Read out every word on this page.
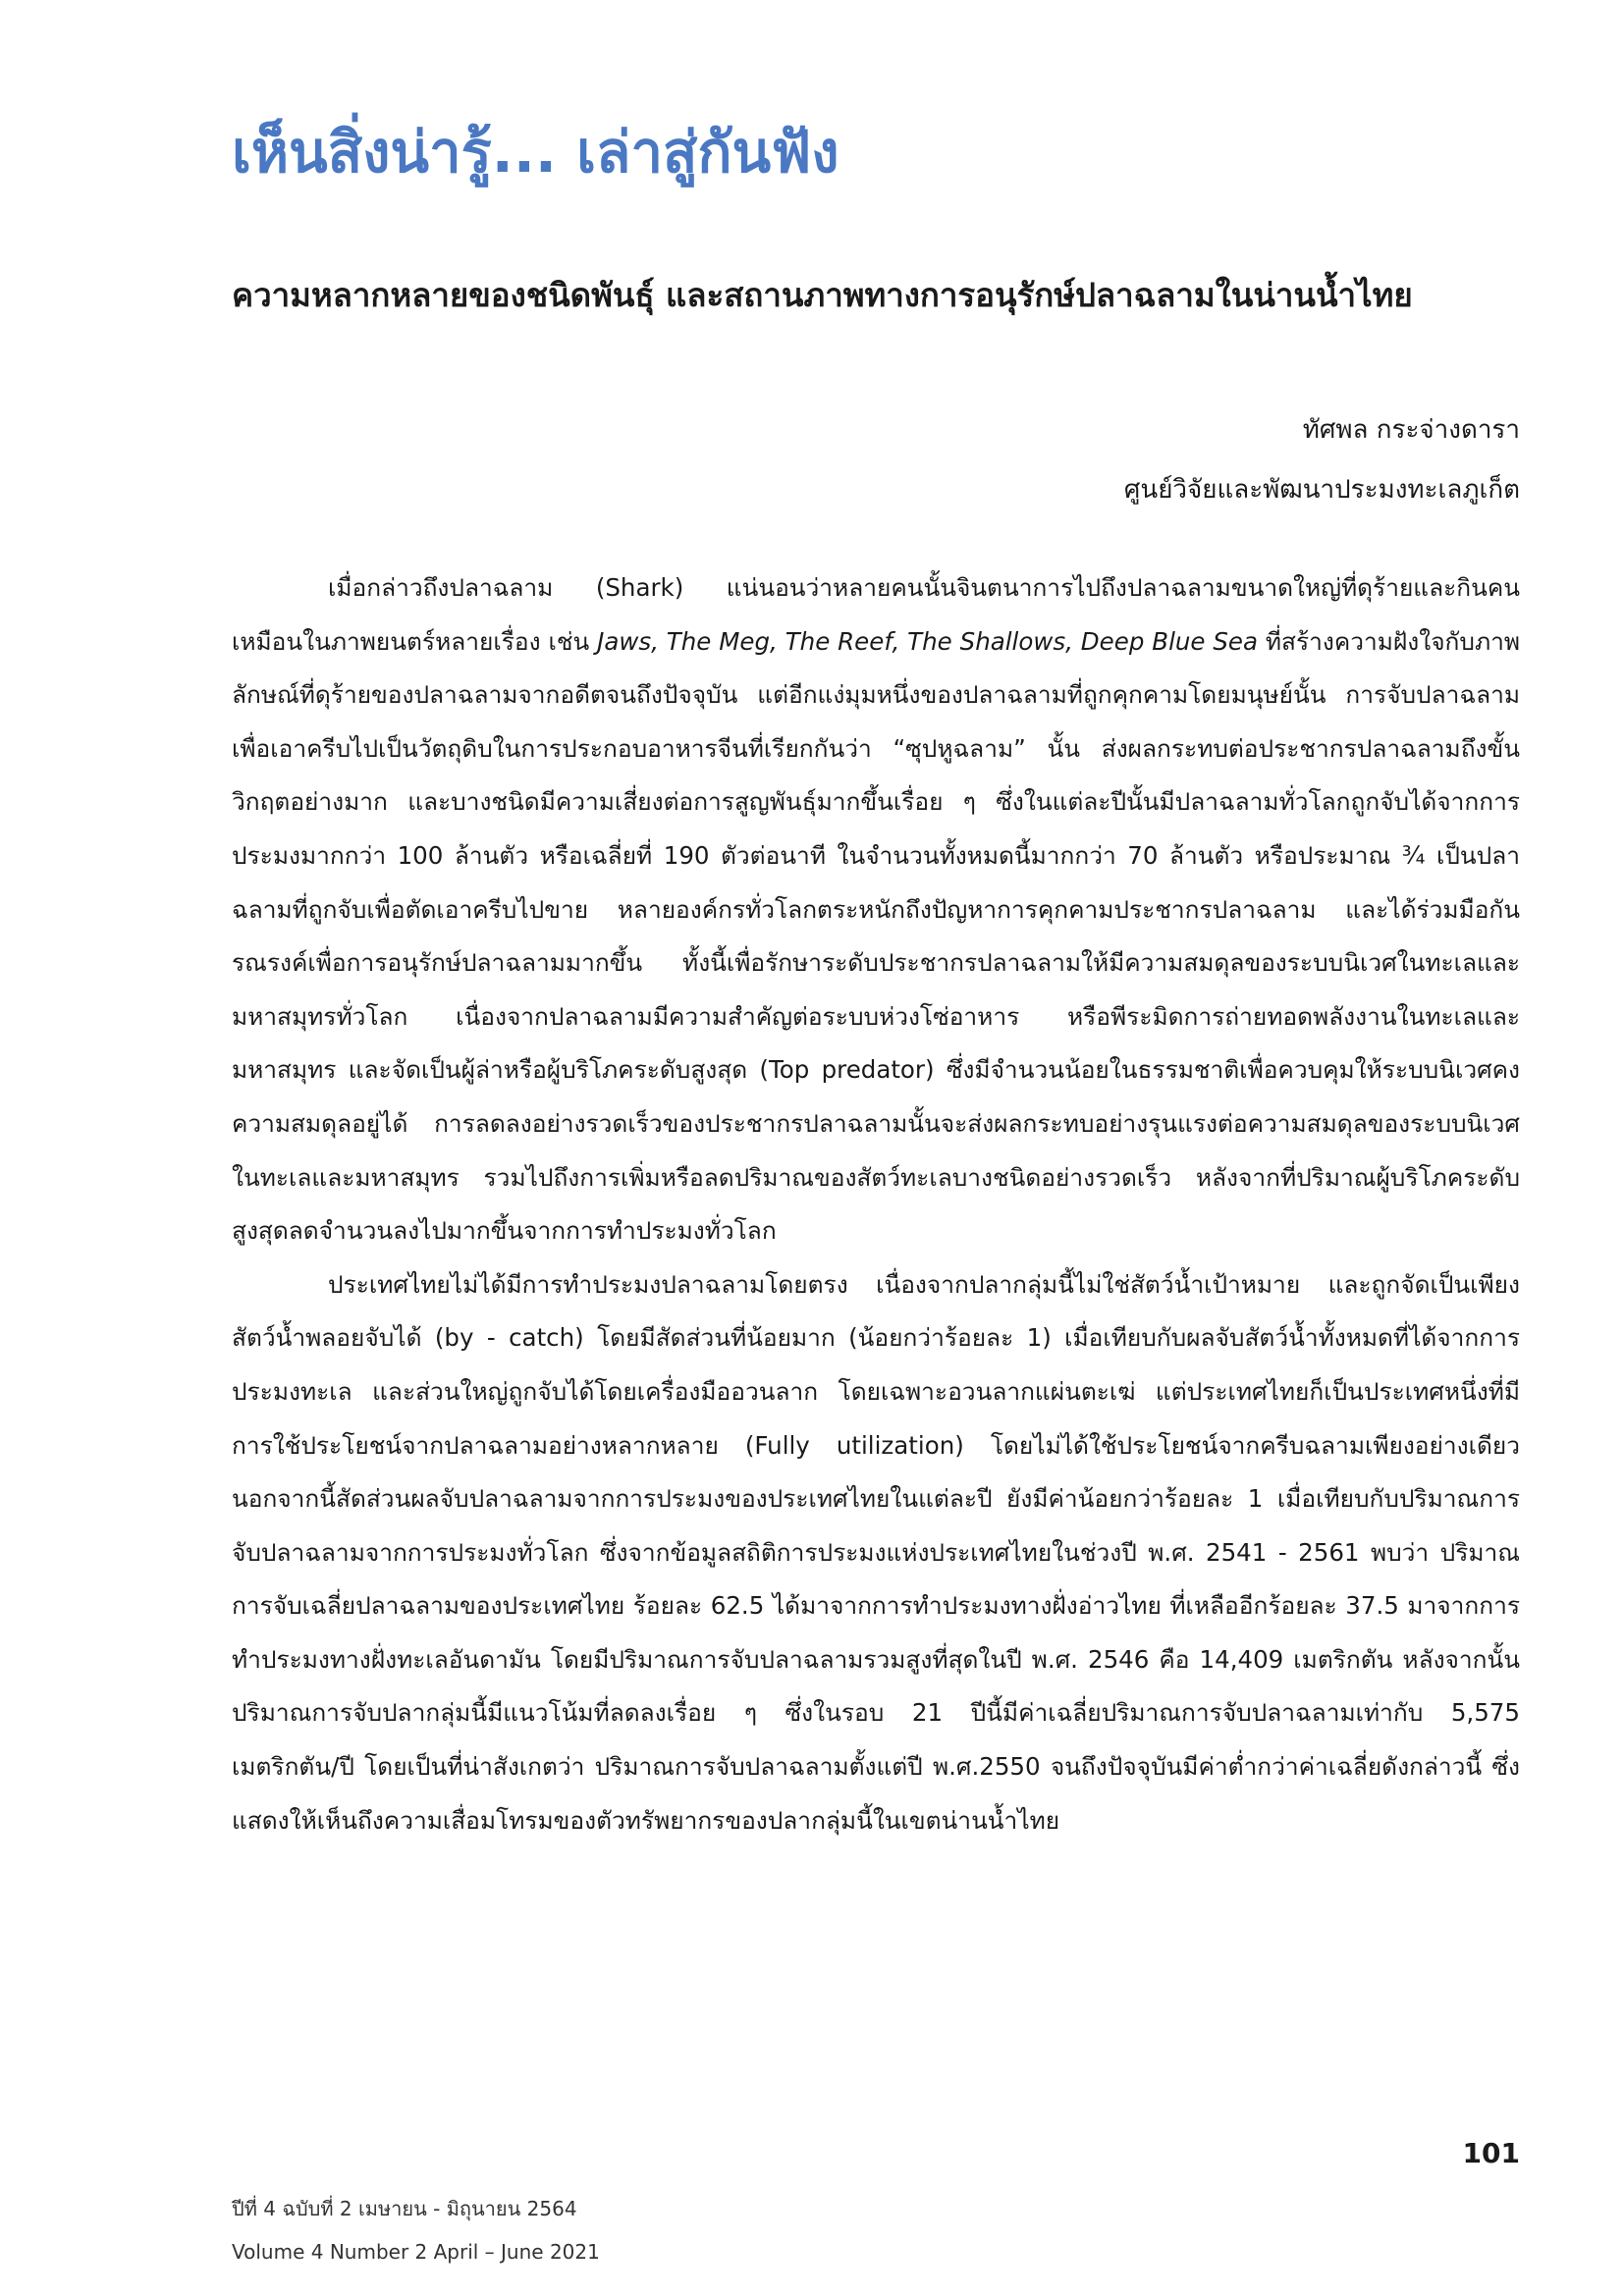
เห็นสิ่งน่ารู้... เล่าสู่กันฟัง
ความหลากหลายของชนิดพันธุ์ และสถานภาพทางการอนุรักษ์ปลาฉลามในน่านน้ำไทย
ทัศพล กระจ่างดารา
ศูนย์วิจัยและพัฒนาประมงทะเลภูเก็ต

เมื่อกล่าวถึงปลาฉลาม (Shark) แน่นอนว่าหลายคนนั้นจินตนาการไปถึงปลาฉลามขนาดใหญ่ที่ดุร้ายและกินคนเหมือนในภาพยนตร์หลายเรื่อง เช่น Jaws, The Meg, The Reef, The Shallows, Deep Blue Sea ที่สร้างความฝังใจกับภาพลักษณ์ที่ดุร้ายของปลาฉลามจากอดีตจนถึงปัจจุบัน แต่อีกแง่มุมหนึ่งของปลาฉลามที่ถูกคุกคามโดยมนุษย์นั้น การจับปลาฉลามเพื่อเอาครีบไปเป็นวัตถุดิบในการประกอบอาหารจีนที่เรียกกันว่า “ซุปหูฉลาม” นั้น ส่งผลกระทบต่อประชากรปลาฉลามถึงขั้นวิกฤตอย่างมาก และบางชนิดมีความเสี่ยงต่อการสูญพันธุ์มากขึ้นเรื่อย ๆ ซึ่งในแต่ละปีนั้นมีปลาฉลามทั่วโลกถูกจับได้จากการประมงมากกว่า 100 ล้านตัว หรือเฉลี่ยที่ 190 ตัวต่อนาที ในจำนวนทั้งหมดนี้มากกว่า 70 ล้านตัว หรือประมาณ ¾ เป็นปลาฉลามที่ถูกจับเพื่อตัดเอาครีบไปขาย หลายองค์กรทั่วโลกตระหนักถึงปัญหาการคุกคามประชากรปลาฉลาม และได้ร่วมมือกันรณรงค์เพื่อการอนุรักษ์ปลาฉลามมากขึ้น ทั้งนี้เพื่อรักษาระดับประชากรปลาฉลามให้มีความสมดุลของระบบนิเวศในทะเลและมหาสมุทรทั่วโลก เนื่องจากปลาฉลามมีความสำคัญต่อระบบห่วงโซ่อาหาร หรือพีระมิดการถ่ายทอดพลังงานในทะเลและมหาสมุทร และจัดเป็นผู้ล่าหรือผู้บริโภคระดับสูงสุด (Top predator) ซึ่งมีจำนวนน้อยในธรรมชาติเพื่อควบคุมให้ระบบนิเวศคงความสมดุลอยู่ได้ การลดลงอย่างรวดเร็วของประชากรปลาฉลามนั้นจะส่งผลกระทบอย่างรุนแรงต่อความสมดุลของระบบนิเวศในทะเลและมหาสมุทร รวมไปถึงการเพิ่มหรือลดปริมาณของสัตว์ทะเลบางชนิดอย่างรวดเร็ว หลังจากที่ปริมาณผู้บริโภคระดับสูงสุดลดจำนวนลงไปมากขึ้นจากการทำประมงทั่วโลก

ประเทศไทยไม่ได้มีการทำประมงปลาฉลามโดยตรง เนื่องจากปลากลุ่มนี้ไม่ใช่สัตว์น้ำเป้าหมาย และถูกจัดเป็นเพียงสัตว์น้ำพลอยจับได้ (by - catch) โดยมีสัดส่วนที่น้อยมาก (น้อยกว่าร้อยละ 1) เมื่อเทียบกับผลจับสัตว์น้ำทั้งหมดที่ได้จากการประมงทะเล และส่วนใหญ่ถูกจับได้โดยเครื่องมืออวนลาก โดยเฉพาะอวนลากแผ่นตะเฆ่ แต่ประเทศไทยก็เป็นประเทศหนึ่งที่มีการใช้ประโยชน์จากปลาฉลามอย่างหลากหลาย (Fully utilization) โดยไม่ได้ใช้ประโยชน์จากครีบฉลามเพียงอย่างเดียว นอกจากนี้สัดส่วนผลจับปลาฉลามจากการประมงของประเทศไทยในแต่ละปี ยังมีค่าน้อยกว่าร้อยละ 1 เมื่อเทียบกับปริมาณการจับปลาฉลามจากการประมงทั่วโลก ซึ่งจากข้อมูลสถิติการประมงแห่งประเทศไทยในช่วงปี พ.ศ. 2541 - 2561 พบว่า ปริมาณการจับเฉลี่ยปลาฉลามของประเทศไทย ร้อยละ 62.5 ได้มาจากการทำประมงทางฝั่งอ่าวไทย ที่เหลืออีกร้อยละ 37.5 มาจากการทำประมงทางฝั่งทะเลอันดามัน โดยมีปริมาณการจับปลาฉลามรวมสูงที่สุดในปี พ.ศ. 2546 คือ 14,409 เมตริกตัน หลังจากนั้นปริมาณการจับปลากลุ่มนี้มีแนวโน้มที่ลดลงเรื่อย ๆ ซึ่งในรอบ 21 ปีนี้มีค่าเฉลี่ยปริมาณการจับปลาฉลามเท่ากับ 5,575 เมตริกตัน/ปี โดยเป็นที่น่าสังเกตว่า ปริมาณการจับปลาฉลามตั้งแต่ปี พ.ศ.2550 จนถึงปัจจุบันมีค่าต่ำกว่าค่าเฉลี่ยดังกล่าวนี้ ซึ่งแสดงให้เห็นถึงความเสื่อมโทรมของตัวทรัพยากรของปลากลุ่มนี้ในเขตน่านน้ำไทย

101
ปีที่ 4 ฉบับที่ 2 เมษายน - มิถุนายน 2564
Volume 4 Number 2 April – June 2021
